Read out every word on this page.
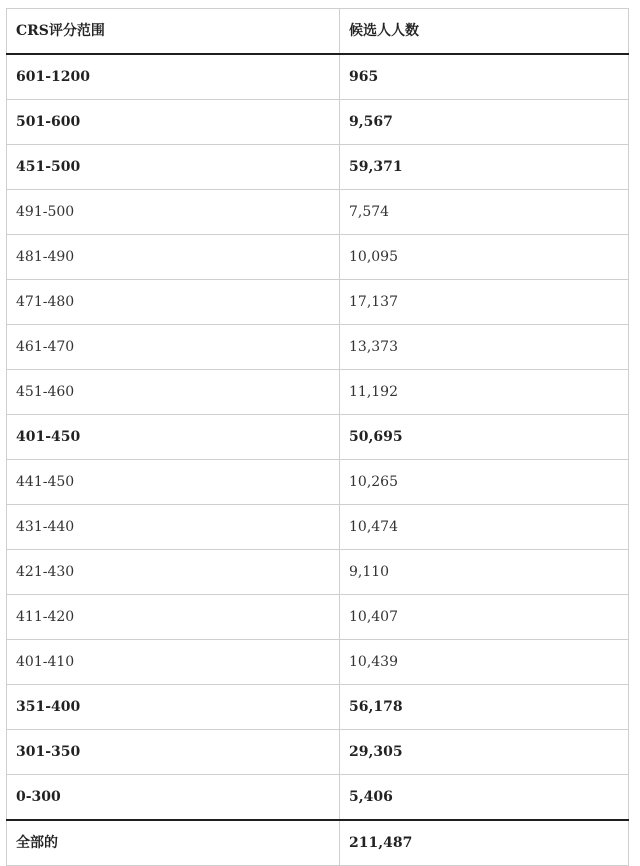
CRS评分范围	候选人人数
601-1200	965
501-600	9,567
451-500	59,371
491-500	7,574
481-490	10,095
471-480	17,137
461-470	13,373
451-460	11,192
401-450	50,695
441-450	10,265
431-440	10,474
421-430	9,110
411-420	10,407
401-410	10,439
351-400	56,178
301-350	29,305
0-300	5,406
全部的	211,487
